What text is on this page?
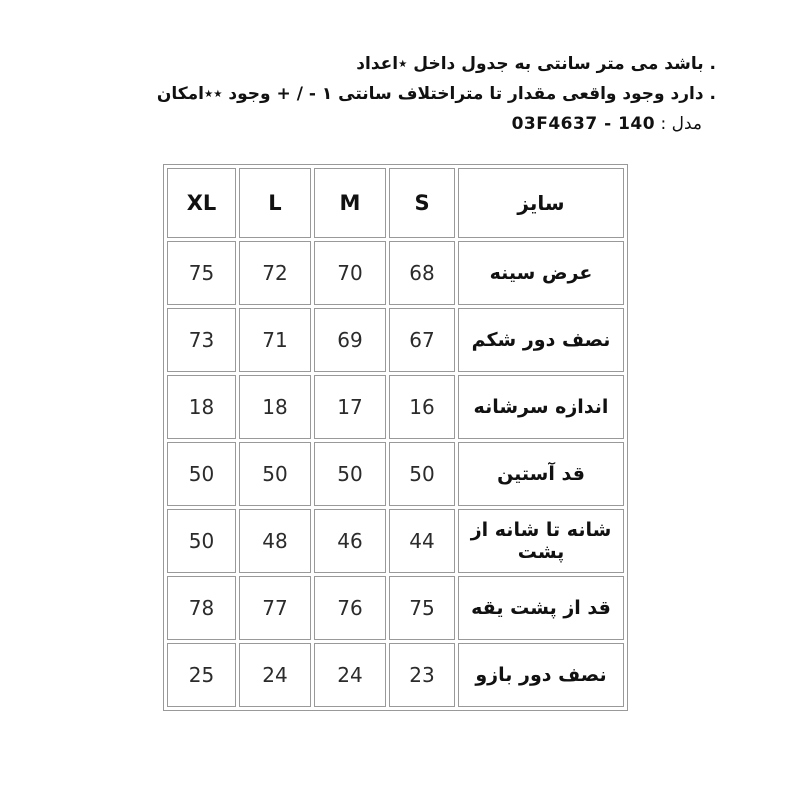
٭اعداد داخل جدول به سانتی متر می باشد .
٭٭امکان وجود + / - ۱ سانتی متراختلاف تا مقدار واقعی وجود دارد .
03F4637 - 140 : مدل
سایز	S	M	L	XL
عرض سینه	68	70	72	75
نصف دور شکم	67	69	71	73
اندازه سرشانه	16	17	18	18
قد آستین	50	50	50	50
شانه تا شانه از پشت	44	46	48	50
قد از پشت یقه	75	76	77	78
نصف دور بازو	23	24	24	25
